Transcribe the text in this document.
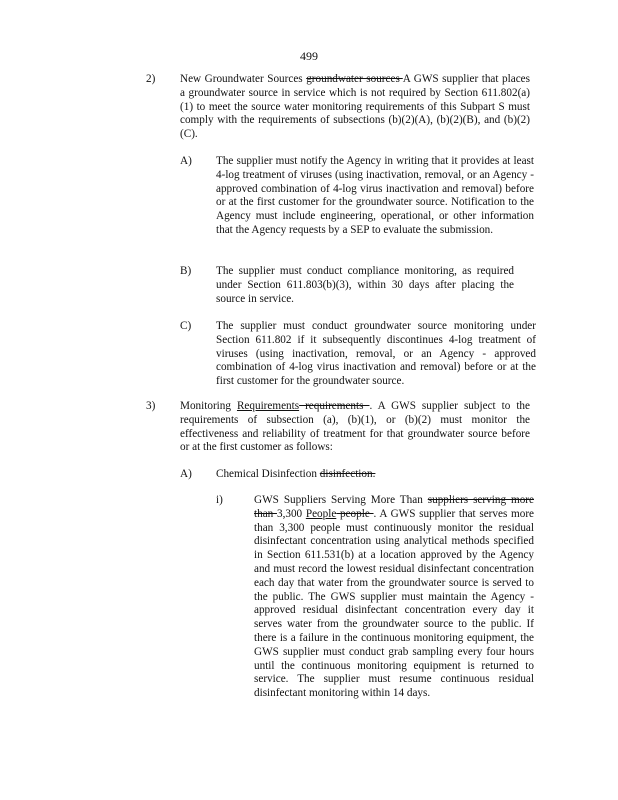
499
2) New Groundwater Sources groundwater sources A GWS supplier that places a groundwater source in service which is not required by Section 611.802(a)(1) to meet the source water monitoring requirements of this Subpart S must comply with the requirements of subsections (b)(2)(A), (b)(2)(B), and (b)(2)(C).
A) The supplier must notify the Agency in writing that it provides at least 4-log treatment of viruses (using inactivation, removal, or an Agency -approved combination of 4-log virus inactivation and removal) before or at the first customer for the groundwater source. Notification to the Agency must include engineering, operational, or other information that the Agency requests by a SEP to evaluate the submission.
B) The supplier must conduct compliance monitoring, as required under Section 611.803(b)(3), within 30 days after placing the source in service.
C) The supplier must conduct groundwater source monitoring under Section 611.802 if it subsequently discontinues 4-log treatment of viruses (using inactivation, removal, or an Agency - approved combination of 4-log virus inactivation and removal) before or at the first customer for the groundwater source.
3) Monitoring Requirements requirements . A GWS supplier subject to the requirements of subsection (a), (b)(1), or (b)(2) must monitor the effectiveness and reliability of treatment for that groundwater source before or at the first customer as follows:
A) Chemical Disinfection disinfection.
i)	GWS Suppliers Serving More Than suppliers serving more than 3,300 People people . A GWS supplier that serves more than 3,300 people must continuously monitor the residual disinfectant concentration using analytical methods specified in Section 611.531(b) at a location approved by the Agency and must record the lowest residual disinfectant concentration each day that water from the groundwater source is served to the public. The GWS supplier must maintain the Agency -approved residual disinfectant concentration every day it serves water from the groundwater source to the public. If there is a failure in the continuous monitoring equipment, the GWS supplier must conduct grab sampling every four hours until the continuous monitoring equipment is returned to service. The supplier must resume continuous residual disinfectant monitoring within 14 days.
